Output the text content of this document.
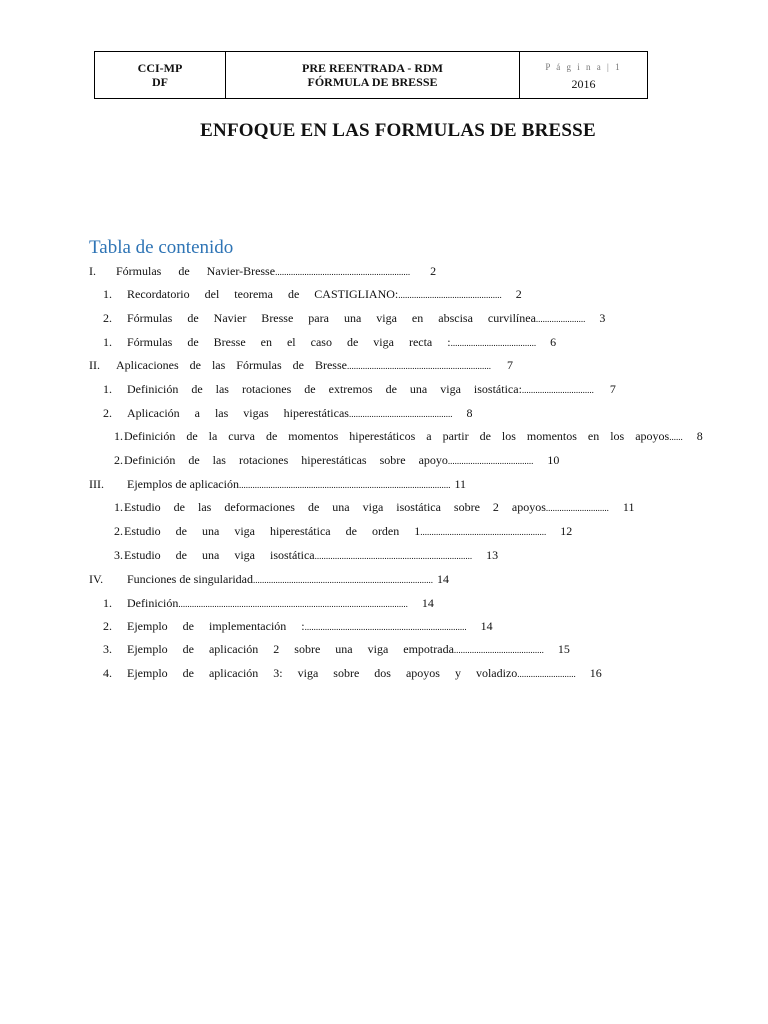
CCI-MP
DF
PRE REENTRADA - RDM
FÓRMULA DE BRESSE
P á g i n a | 1
2016
ENFOQUE EN LAS FORMULAS DE BRESSE
Tabla de contenido
I. Fórmulas de Navier-Bresse............................................................ 2
1. Recordatorio del teorema de CASTIGLIANO:.............................................. 2
2. Fórmulas de Navier Bresse para una viga en abscisa curvilínea...................... 3
1. Fórmulas de Bresse en el caso de viga recta :...................................... 6
II. Aplicaciones de las Fórmulas de Bresse................................................................ 7
1. Definición de las rotaciones de extremos de una viga isostática:................................ 7
2. Aplicación a las vigas hiperestáticas.............................................. 8
1.Definición de la curva de momentos hiperestáticos a partir de los momentos en los apoyos...... 8
2.Definición de las rotaciones hiperestáticas sobre apoyo...................................... 10
III. Ejemplos de aplicación.............................................................................................. 11
1.Estudio de las deformaciones de una viga isostática sobre 2 apoyos............................ 11
2.Estudio de una viga hiperestática de orden 1........................................................ 12
3.Estudio de una viga isostática...................................................................... 13
IV. Funciones de singularidad................................................................................ 14
1. Definición...................................................................................................... 14
2. Ejemplo de implementación :........................................................................ 14
3. Ejemplo de aplicación 2 sobre una viga empotrada........................................ 15
4. Ejemplo de aplicación 3: viga sobre dos apoyos y voladizo.......................... 16
